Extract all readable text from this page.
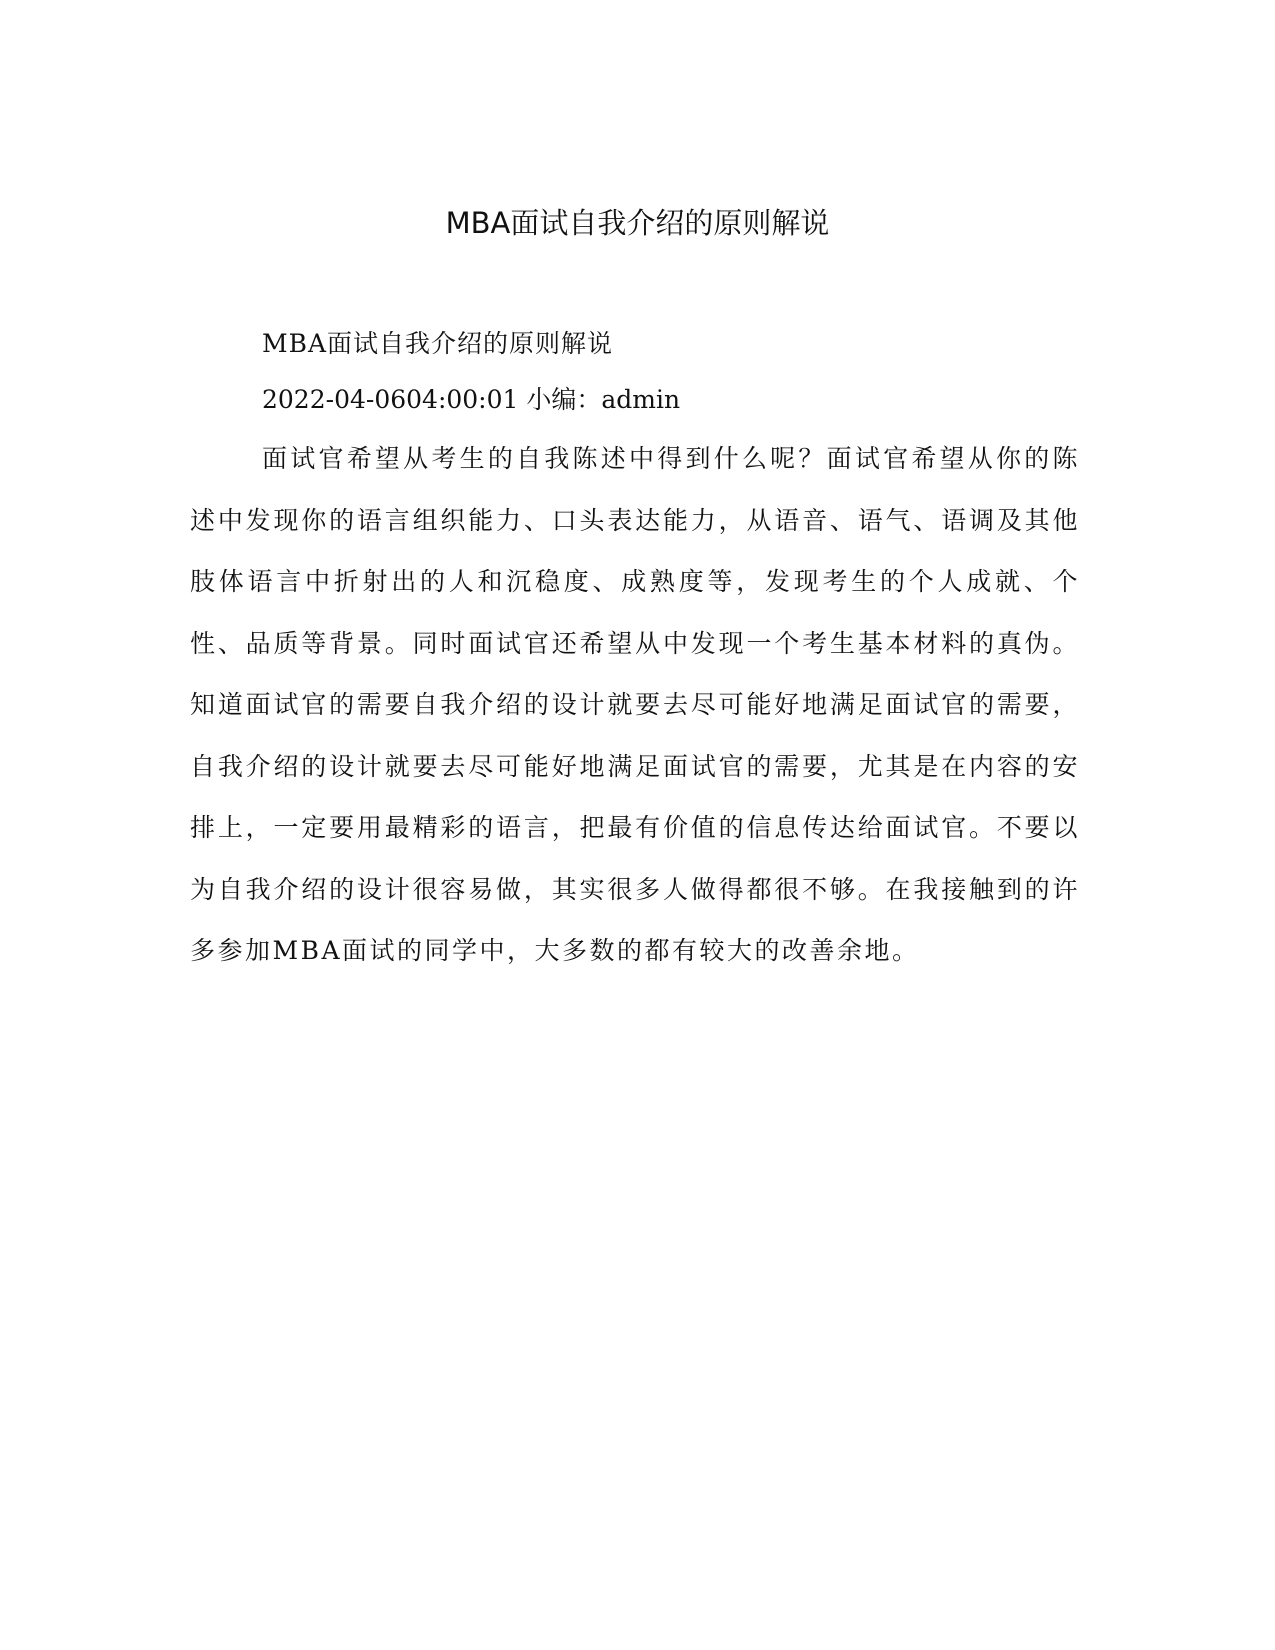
MBA面试自我介绍的原则解说

MBA面试自我介绍的原则解说

2022-04-0604:00:01 小编：admin

面试官希望从考生的自我陈述中得到什么呢？面试官希望从你的陈述中发现你的语言组织能力、口头表达能力，从语音、语气、语调及其他肢体语言中折射出的人和沉稳度、成熟度等，发现考生的个人成就、个性、品质等背景。同时面试官还希望从中发现一个考生基本材料的真伪。知道面试官的需要自我介绍的设计就要去尽可能好地满足面试官的需要，自我介绍的设计就要去尽可能好地满足面试官的需要，尤其是在内容的安排上，一定要用最精彩的语言，把最有价值的信息传达给面试官。不要以为自我介绍的设计很容易做，其实很多人做得都很不够。在我接触到的许多参加MBA面试的同学中，大多数的都有较大的改善余地。
